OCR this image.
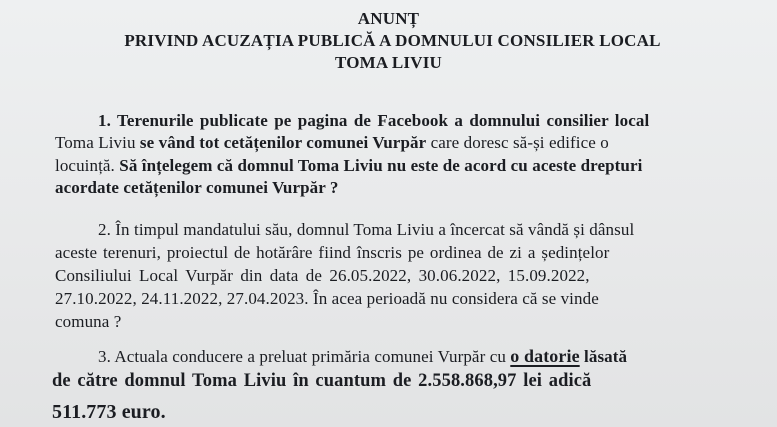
ANUNȚ
PRIVIND ACUZAȚIA PUBLICĂ A DOMNULUI CONSILIER LOCAL
TOMA LIVIU
1. Terenurile publicate pe pagina de Facebook a domnului consilier local
Toma Liviu se vând tot cetățenilor comunei Vurpăr care doresc să-și edifice o
locuință. Să înțelegem că domnul Toma Liviu nu este de acord cu aceste drepturi
acordate cetățenilor comunei Vurpăr ?
2. În timpul mandatului său, domnul Toma Liviu a încercat să vândă și dânsul
aceste terenuri, proiectul de hotărâre fiind înscris pe ordinea de zi a ședințelor
Consiliului Local Vurpăr din data de 26.05.2022, 30.06.2022, 15.09.2022,
27.10.2022, 24.11.2022, 27.04.2023. În acea perioadă nu considera că se vinde
comuna ?
3. Actuala conducere a preluat primăria comunei Vurpăr cu o datorie lăsată
de către domnul Toma Liviu în cuantum de 2.558.868,97 lei adică
511.773 euro.
